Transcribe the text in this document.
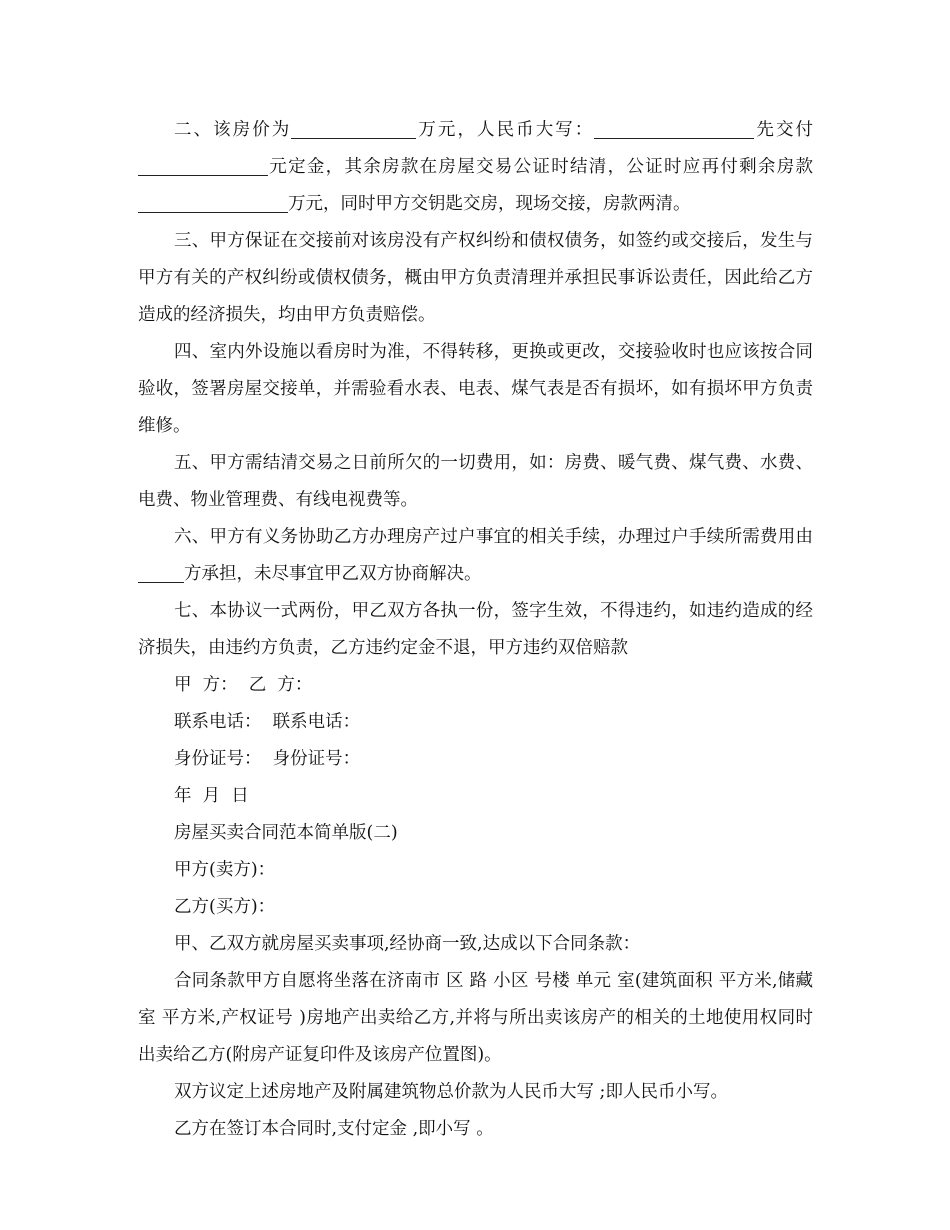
二、该房价为	万元，人民币大写：	先交付元定金，其余房款在房屋交易公证时结清，公证时应再付剩余房款万元，同时甲方交钥匙交房，现场交接，房款两清。

三、甲方保证在交接前对该房没有产权纠纷和债权债务，如签约或交接后，发生与甲方有关的产权纠纷或债权债务，概由甲方负责清理并承担民事诉讼责任，因此给乙方造成的经济损失，均由甲方负责赔偿。

四、室内外设施以看房时为准，不得转移，更换或更改，交接验收时也应该按合同验收，签署房屋交接单，并需验看水表、电表、煤气表是否有损坏，如有损坏甲方负责维修。

五、甲方需结清交易之日前所欠的一切费用，如：房费、暖气费、煤气费、水费、电费、物业管理费、有线电视费等。

六、甲方有义务协助乙方办理房产过户事宜的相关手续，办理过户手续所需费用由方承担，未尽事宜甲乙双方协商解决。

七、本协议一式两份，甲乙双方各执一份，签字生效，不得违约，如违约造成的经济损失，由违约方负责，乙方违约定金不退，甲方违约双倍赔款

甲  方：  乙  方：

联系电话：  联系电话：

身份证号：  身份证号：

年  月  日

房屋买卖合同范本简单版(二)

甲方(卖方)：

乙方(买方)：

甲、乙双方就房屋买卖事项,经协商一致,达成以下合同条款：

合同条款甲方自愿将坐落在济南市 区 路 小区 号楼 单元 室(建筑面积 平方米,储藏室 平方米,产权证号 )房地产出卖给乙方,并将与所出卖该房产的相关的土地使用权同时出卖给乙方(附房产证复印件及该房产位置图)。

双方议定上述房地产及附属建筑物总价款为人民币大写 ;即人民币小写。

乙方在签订本合同时,支付定金 ,即小写 。
